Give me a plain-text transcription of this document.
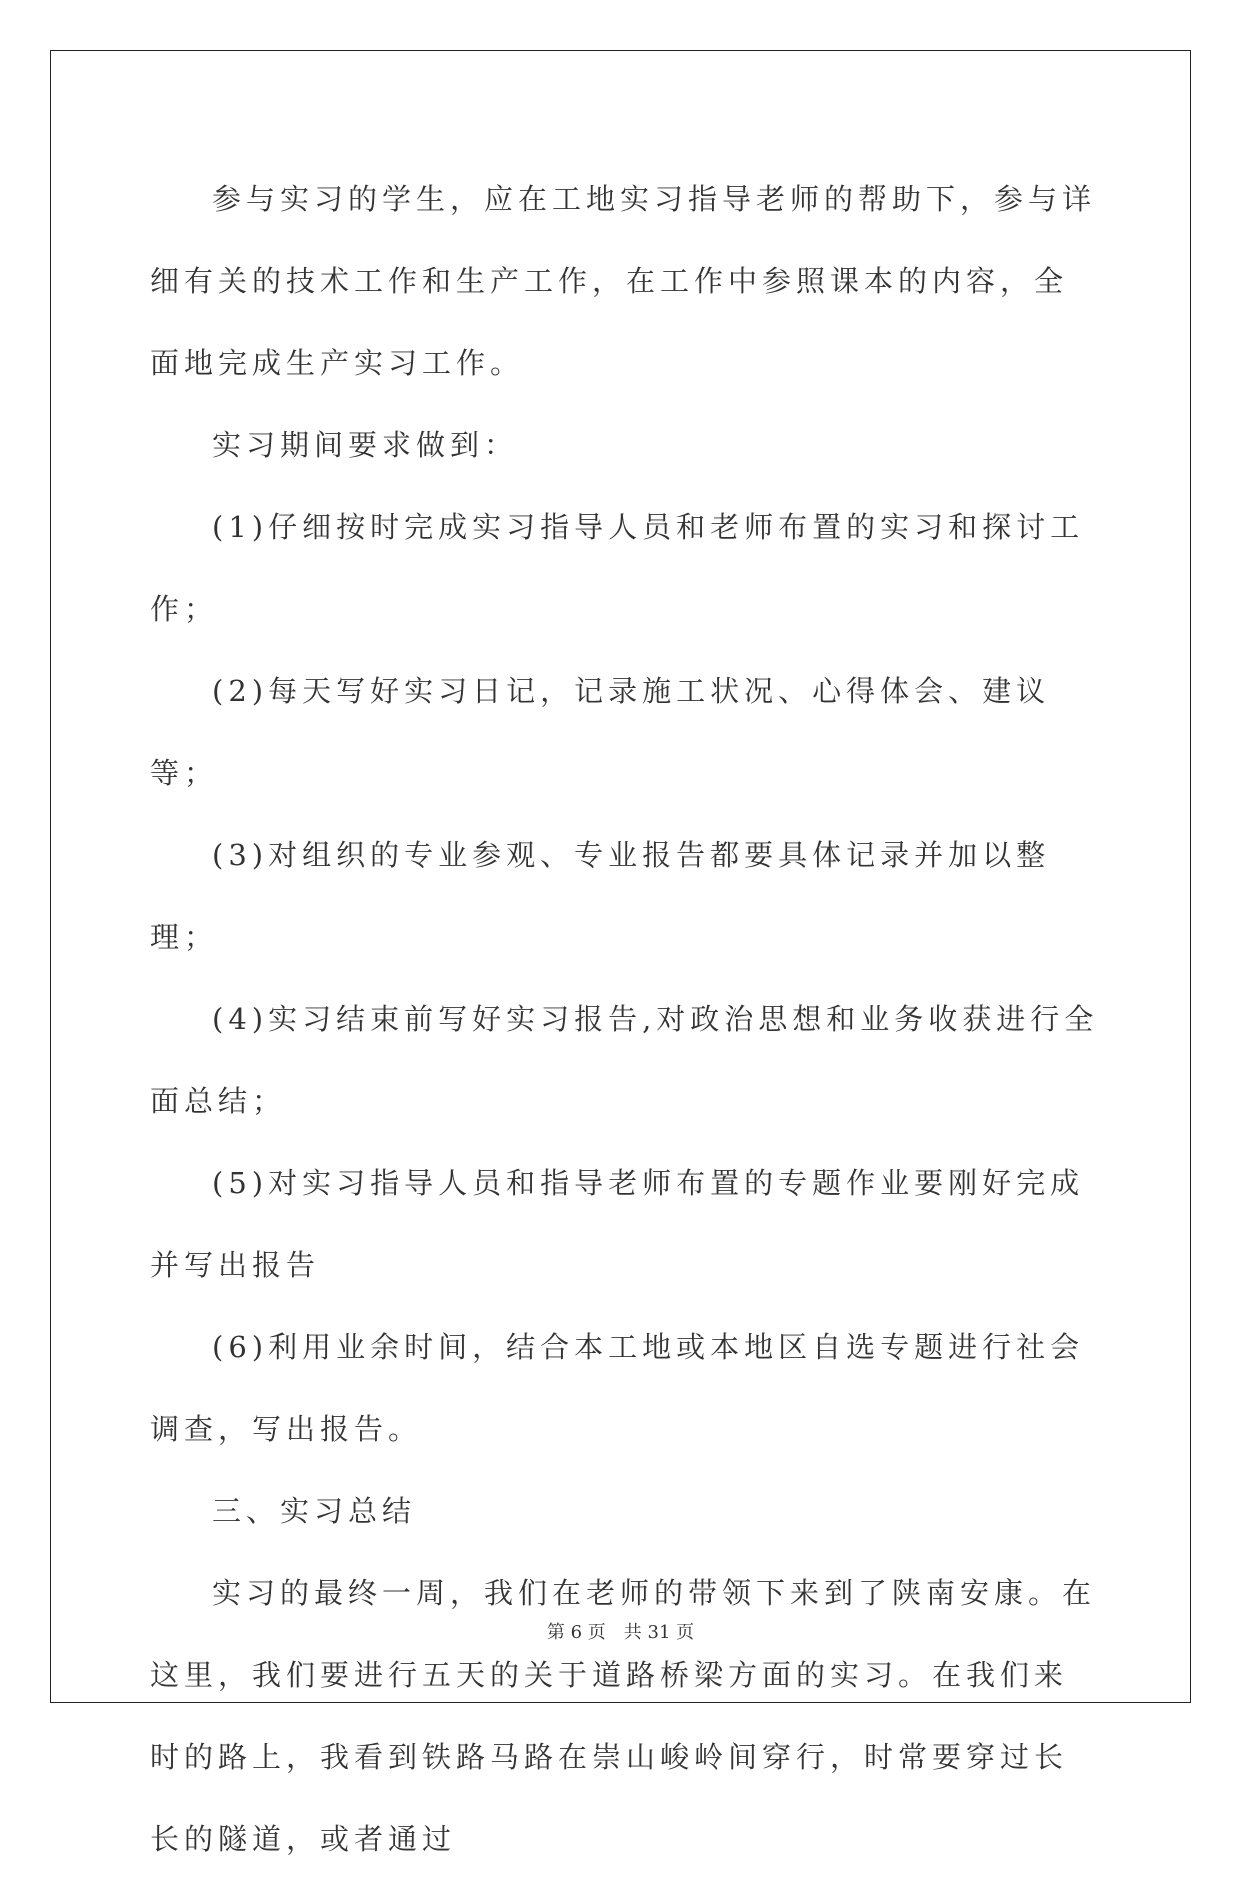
参与实习的学生，应在工地实习指导老师的帮助下，参与详细有关的技术工作和生产工作，在工作中参照课本的内容，全面地完成生产实习工作。

实习期间要求做到：

(1)仔细按时完成实习指导人员和老师布置的实习和探讨工作；

(2)每天写好实习日记，记录施工状况、心得体会、建议等；

(3)对组织的专业参观、专业报告都要具体记录并加以整理；

(4)实习结束前写好实习报告,对政治思想和业务收获进行全面总结；

(5)对实习指导人员和指导老师布置的专题作业要刚好完成并写出报告

(6)利用业余时间，结合本工地或本地区自选专题进行社会调查，写出报告。

三、实习总结

实习的最终一周，我们在老师的带领下来到了陕南安康。在这里，我们要进行五天的关于道路桥梁方面的实习。在我们来时的路上，我看到铁路马路在崇山峻岭间穿行，时常要穿过长长的隧道，或者通过

第 6 页 共 31 页
